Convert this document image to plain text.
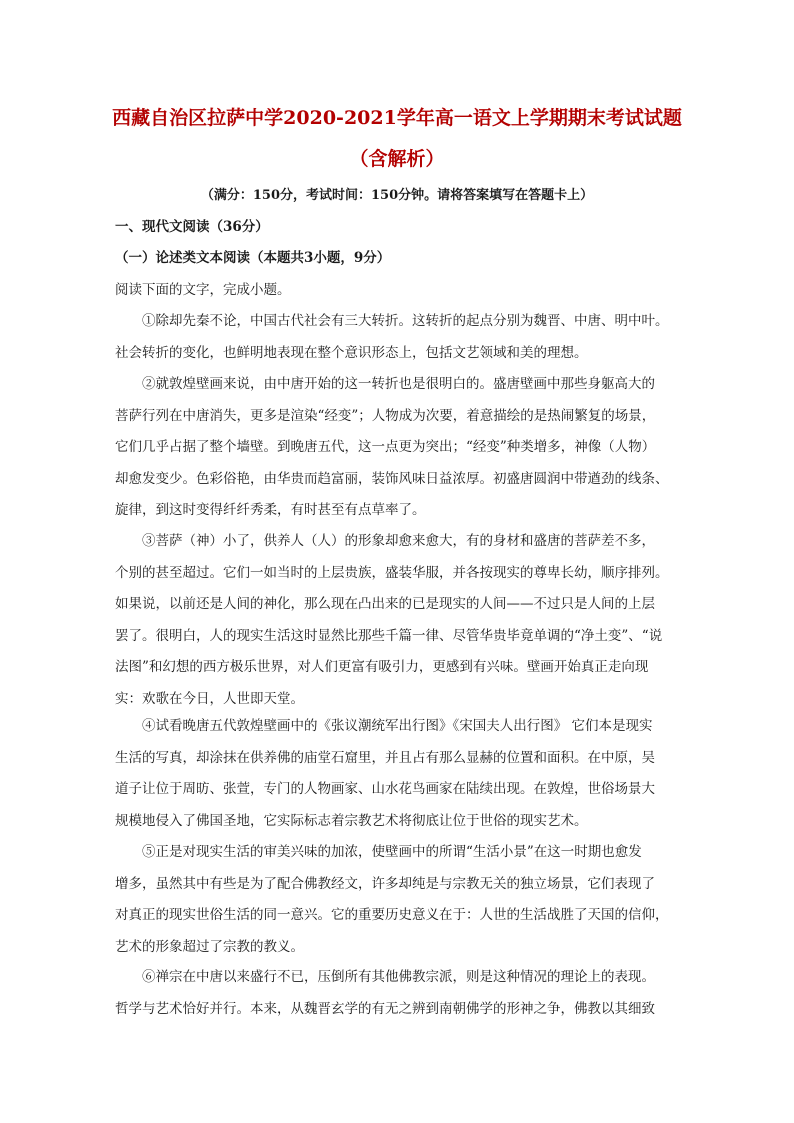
西藏自治区拉萨中学2020-2021学年高一语文上学期期末考试试题
（含解析）
（满分：150分，考试时间：150分钟。请将答案填写在答题卡上）
一、现代文阅读（36分）
（一）论述类文本阅读（本题共3小题，9分）
阅读下面的文字，完成小题。
①除却先秦不论，中国古代社会有三大转折。这转折的起点分别为魏晋、中唐、明中叶。
社会转折的变化，也鲜明地表现在整个意识形态上，包括文艺领域和美的理想。
②就敦煌壁画来说，由中唐开始的这一转折也是很明白的。盛唐壁画中那些身躯高大的
菩萨行列在中唐消失，更多是渲染“经变”；人物成为次要，着意描绘的是热闹繁复的场景，
它们几乎占据了整个墙壁。到晚唐五代，这一点更为突出；“经变”种类增多，神像（人物）
却愈发变少。色彩俗艳，由华贵而趋富丽，装饰风味日益浓厚。初盛唐圆润中带遒劲的线条、
旋律，到这时变得纤纤秀柔，有时甚至有点草率了。
③菩萨（神）小了，供养人（人）的形象却愈来愈大，有的身材和盛唐的菩萨差不多，
个别的甚至超过。它们一如当时的上层贵族，盛装华服，并各按现实的尊卑长幼，顺序排列。
如果说，以前还是人间的神化，那么现在凸出来的已是现实的人间——不过只是人间的上层
罢了。很明白，人的现实生活这时显然比那些千篇一律、尽管华贵毕竟单调的“净土变”、“说
法图”和幻想的西方极乐世界，对人们更富有吸引力，更感到有兴味。壁画开始真正走向现
实：欢歌在今日，人世即天堂。
④试看晚唐五代敦煌壁画中的《张议潮统军出行图》《宋国夫人出行图》 它们本是现实
生活的写真，却涂抹在供养佛的庙堂石窟里，并且占有那么显赫的位置和面积。在中原，吴
道子让位于周昉、张萱，专门的人物画家、山水花鸟画家在陆续出现。在敦煌，世俗场景大
规模地侵入了佛国圣地，它实际标志着宗教艺术将彻底让位于世俗的现实艺术。
⑤正是对现实生活的审美兴味的加浓，使壁画中的所谓“生活小景”在这一时期也愈发
增多，虽然其中有些是为了配合佛教经文，许多却纯是与宗教无关的独立场景，它们表现了
对真正的现实世俗生活的同一意兴。它的重要历史意义在于：人世的生活战胜了天国的信仰，
艺术的形象超过了宗教的教义。
⑥禅宗在中唐以来盛行不已，压倒所有其他佛教宗派，则是这种情况的理论上的表现。
哲学与艺术恰好并行。本来，从魏晋玄学的有无之辨到南朝佛学的形神之争，佛教以其细致
